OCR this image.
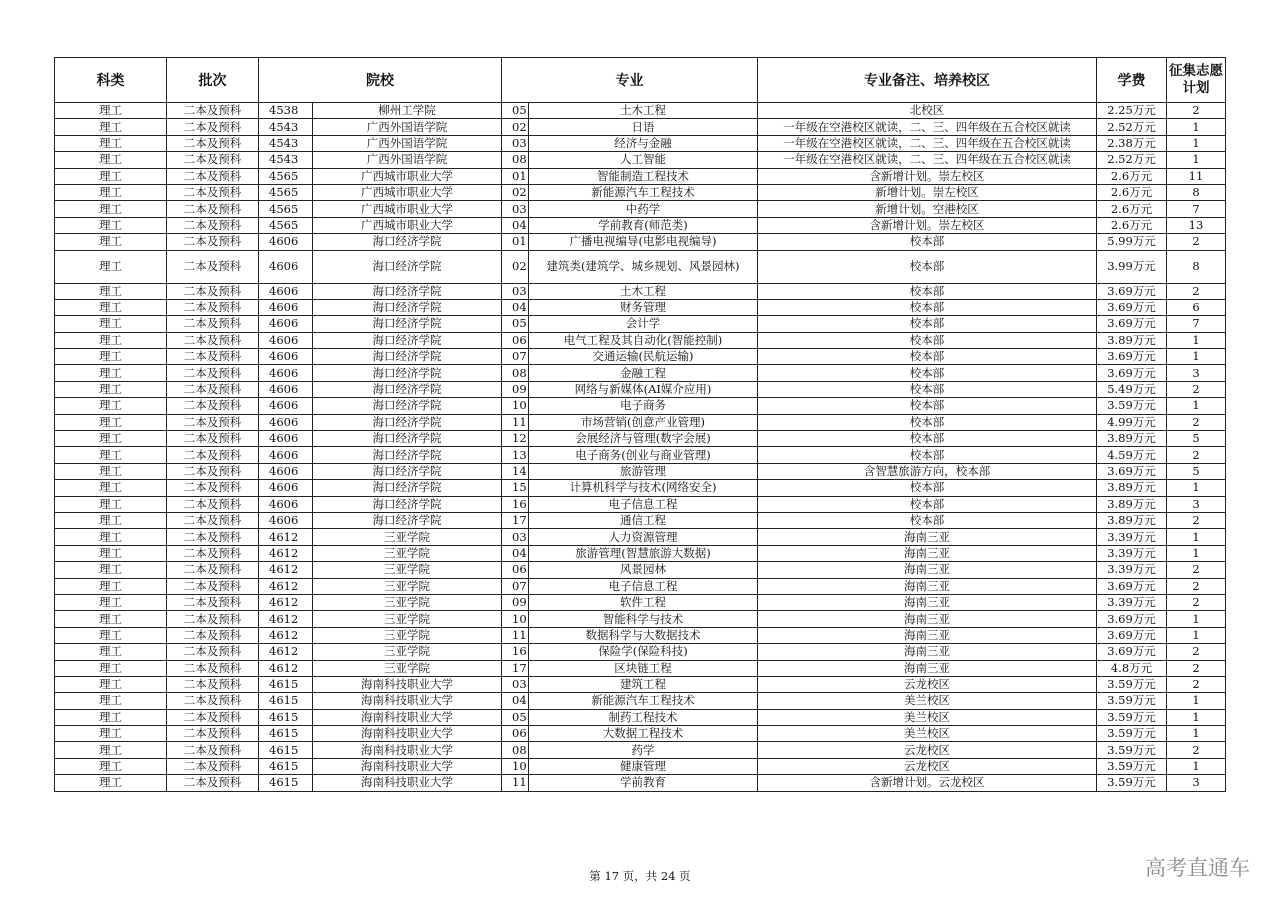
科类	批次	院校		专业		专业备注、培养校区	学费	征集志愿计划
理工	二本及预科	4538	柳州工学院	05	土木工程	北校区	2.25万元	2
理工	二本及预科	4543	广西外国语学院	02	日语	一年级在空港校区就读，二、三、四年级在五合校区就读	2.52万元	1
理工	二本及预科	4543	广西外国语学院	03	经济与金融	一年级在空港校区就读，二、三、四年级在五合校区就读	2.38万元	1
理工	二本及预科	4543	广西外国语学院	08	人工智能	一年级在空港校区就读，二、三、四年级在五合校区就读	2.52万元	1
理工	二本及预科	4565	广西城市职业大学	01	智能制造工程技术	含新增计划。崇左校区	2.6万元	11
理工	二本及预科	4565	广西城市职业大学	02	新能源汽车工程技术	新增计划。崇左校区	2.6万元	8
理工	二本及预科	4565	广西城市职业大学	03	中药学	新增计划。空港校区	2.6万元	7
理工	二本及预科	4565	广西城市职业大学	04	学前教育(师范类)	含新增计划。崇左校区	2.6万元	13
理工	二本及预科	4606	海口经济学院	01	广播电视编导(电影电视编导)	校本部	5.99万元	2
理工	二本及预科	4606	海口经济学院	02	建筑类(建筑学、城乡规划、风景园林)	校本部	3.99万元	8
理工	二本及预科	4606	海口经济学院	03	土木工程	校本部	3.69万元	2
理工	二本及预科	4606	海口经济学院	04	财务管理	校本部	3.69万元	6
理工	二本及预科	4606	海口经济学院	05	会计学	校本部	3.69万元	7
理工	二本及预科	4606	海口经济学院	06	电气工程及其自动化(智能控制)	校本部	3.89万元	1
理工	二本及预科	4606	海口经济学院	07	交通运输(民航运输)	校本部	3.69万元	1
理工	二本及预科	4606	海口经济学院	08	金融工程	校本部	3.69万元	3
理工	二本及预科	4606	海口经济学院	09	网络与新媒体(AI媒介应用)	校本部	5.49万元	2
理工	二本及预科	4606	海口经济学院	10	电子商务	校本部	3.59万元	1
理工	二本及预科	4606	海口经济学院	11	市场营销(创意产业管理)	校本部	4.99万元	2
理工	二本及预科	4606	海口经济学院	12	会展经济与管理(数字会展)	校本部	3.89万元	5
理工	二本及预科	4606	海口经济学院	13	电子商务(创业与商业管理)	校本部	4.59万元	2
理工	二本及预科	4606	海口经济学院	14	旅游管理	含智慧旅游方向，校本部	3.69万元	5
理工	二本及预科	4606	海口经济学院	15	计算机科学与技术(网络安全)	校本部	3.89万元	1
理工	二本及预科	4606	海口经济学院	16	电子信息工程	校本部	3.89万元	3
理工	二本及预科	4606	海口经济学院	17	通信工程	校本部	3.89万元	2
理工	二本及预科	4612	三亚学院	03	人力资源管理	海南三亚	3.39万元	1
理工	二本及预科	4612	三亚学院	04	旅游管理(智慧旅游大数据)	海南三亚	3.39万元	1
理工	二本及预科	4612	三亚学院	06	风景园林	海南三亚	3.39万元	2
理工	二本及预科	4612	三亚学院	07	电子信息工程	海南三亚	3.69万元	2
理工	二本及预科	4612	三亚学院	09	软件工程	海南三亚	3.39万元	2
理工	二本及预科	4612	三亚学院	10	智能科学与技术	海南三亚	3.69万元	1
理工	二本及预科	4612	三亚学院	11	数据科学与大数据技术	海南三亚	3.69万元	1
理工	二本及预科	4612	三亚学院	16	保险学(保险科技)	海南三亚	3.69万元	2
理工	二本及预科	4612	三亚学院	17	区块链工程	海南三亚	4.8万元	2
理工	二本及预科	4615	海南科技职业大学	03	建筑工程	云龙校区	3.59万元	2
理工	二本及预科	4615	海南科技职业大学	04	新能源汽车工程技术	美兰校区	3.59万元	1
理工	二本及预科	4615	海南科技职业大学	05	制药工程技术	美兰校区	3.59万元	1
理工	二本及预科	4615	海南科技职业大学	06	大数据工程技术	美兰校区	3.59万元	1
理工	二本及预科	4615	海南科技职业大学	08	药学	云龙校区	3.59万元	2
理工	二本及预科	4615	海南科技职业大学	10	健康管理	云龙校区	3.59万元	1
理工	二本及预科	4615	海南科技职业大学	11	学前教育	含新增计划。云龙校区	3.59万元	3
第 17 页，共 24 页	高考直通车
